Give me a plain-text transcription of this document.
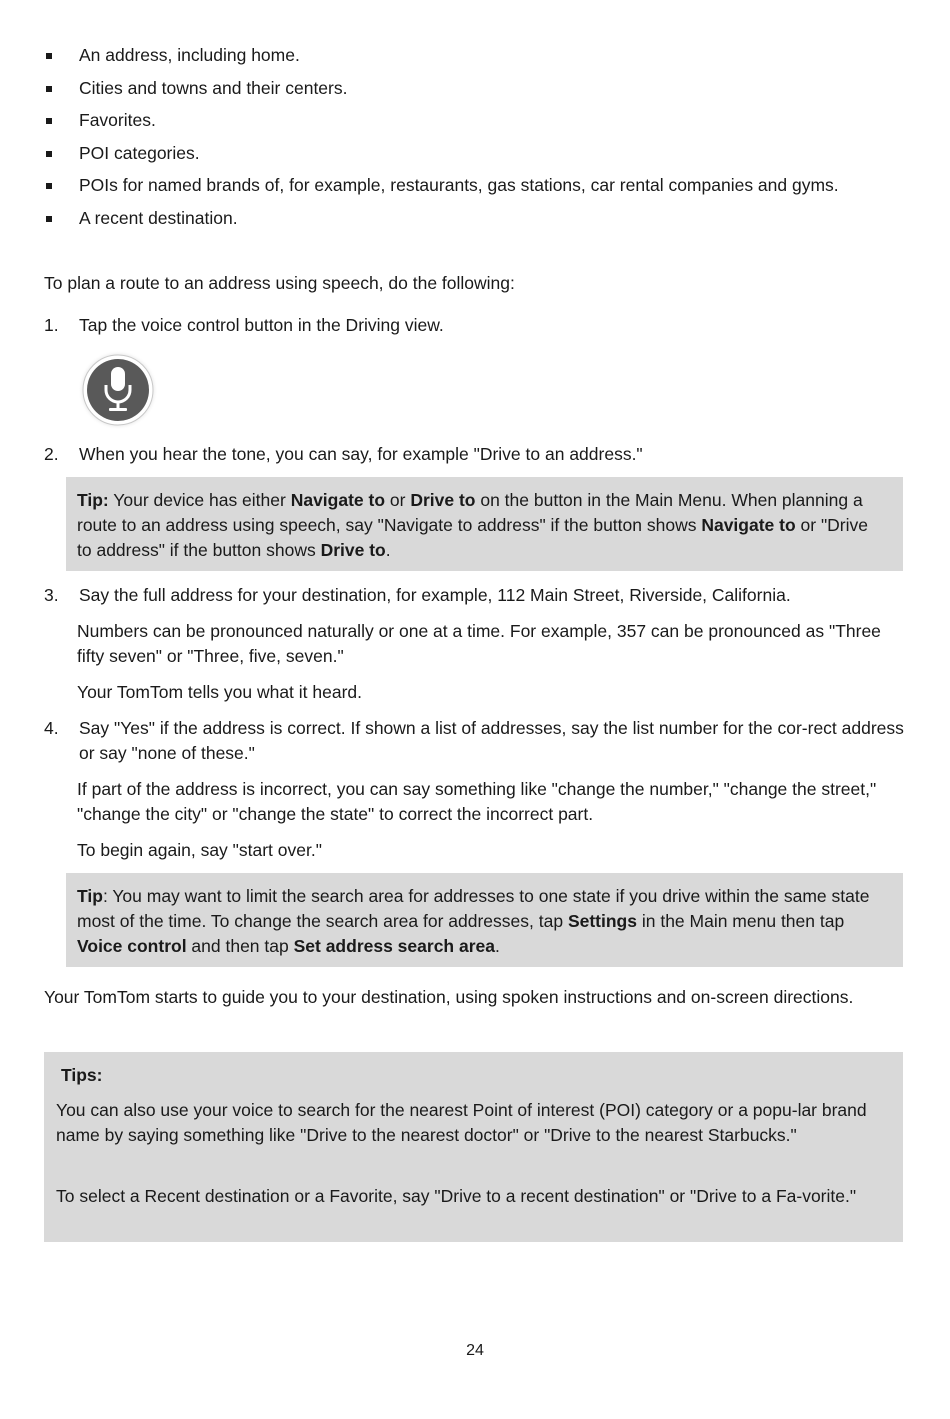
An address, including home.
Cities and towns and their centers.
Favorites.
POI categories.
POIs for named brands of, for example, restaurants, gas stations, car rental companies and gyms.
A recent destination.
To plan a route to an address using speech, do the following:
1.	Tap the voice control button in the Driving view.
2.	When you hear the tone, you can say, for example "Drive to an address."

Tip: Your device has either Navigate to or Drive to on the button in the Main Menu. When planning a route to an address using speech, say "Navigate to address" if the button shows Navigate to or "Drive to address" if the button shows Drive to.

3.	Say the full address for your destination, for example, 112 Main Street, Riverside, California.
Numbers can be pronounced naturally or one at a time. For example, 357 can be pronounced as "Three fifty seven" or "Three, five, seven."
Your TomTom tells you what it heard.
4.	Say "Yes" if the address is correct. If shown a list of addresses, say the list number for the cor-rect address or say "none of these."
If part of the address is incorrect, you can say something like "change the number," "change the street," "change the city" or "change the state" to correct the incorrect part.
To begin again, say "start over."

Tip: You may want to limit the search area for addresses to one state if you drive within the same state most of the time. To change the search area for addresses, tap Settings in the Main menu then tap Voice control and then tap Set address search area.

Your TomTom starts to guide you to your destination, using spoken instructions and on-screen directions.
Tips:
You can also use your voice to search for the nearest Point of interest (POI) category or a popu-lar brand name by saying something like "Drive to the nearest doctor" or "Drive to the nearest Starbucks."
To select a Recent destination or a Favorite, say "Drive to a recent destination" or "Drive to a Fa-vorite."
24
